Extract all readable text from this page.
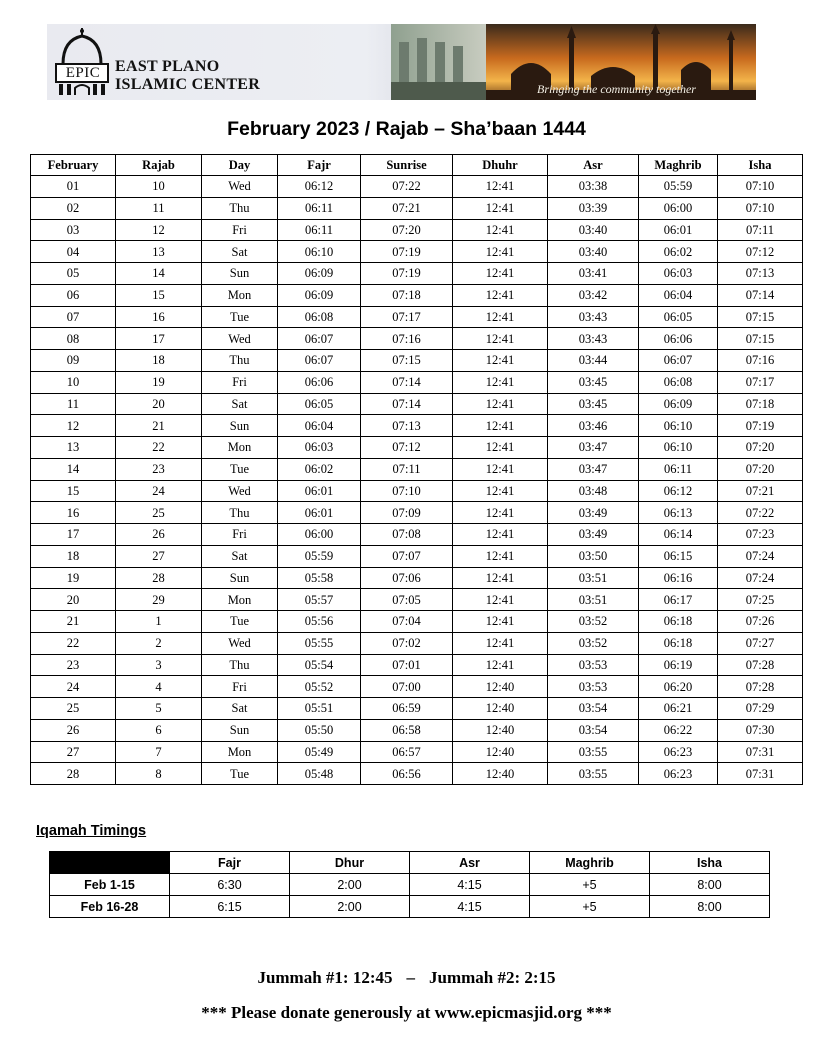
EPIC EAST PLANO
ISLAMIC CENTER	Bringing the community together
February 2023 / Rajab – Sha’baan 1444
February	Rajab	Day	Fajr	Sunrise	Dhuhr	Asr	Maghrib	Isha
01	10	Wed	06:12	07:22	12:41	03:38	05:59	07:10
02	11	Thu	06:11	07:21	12:41	03:39	06:00	07:10
03	12	Fri	06:11	07:20	12:41	03:40	06:01	07:11
04	13	Sat	06:10	07:19	12:41	03:40	06:02	07:12
05	14	Sun	06:09	07:19	12:41	03:41	06:03	07:13
06	15	Mon	06:09	07:18	12:41	03:42	06:04	07:14
07	16	Tue	06:08	07:17	12:41	03:43	06:05	07:15
08	17	Wed	06:07	07:16	12:41	03:43	06:06	07:15
09	18	Thu	06:07	07:15	12:41	03:44	06:07	07:16
10	19	Fri	06:06	07:14	12:41	03:45	06:08	07:17
11	20	Sat	06:05	07:14	12:41	03:45	06:09	07:18
12	21	Sun	06:04	07:13	12:41	03:46	06:10	07:19
13	22	Mon	06:03	07:12	12:41	03:47	06:10	07:20
14	23	Tue	06:02	07:11	12:41	03:47	06:11	07:20
15	24	Wed	06:01	07:10	12:41	03:48	06:12	07:21
16	25	Thu	06:01	07:09	12:41	03:49	06:13	07:22
17	26	Fri	06:00	07:08	12:41	03:49	06:14	07:23
18	27	Sat	05:59	07:07	12:41	03:50	06:15	07:24
19	28	Sun	05:58	07:06	12:41	03:51	06:16	07:24
20	29	Mon	05:57	07:05	12:41	03:51	06:17	07:25
21	1	Tue	05:56	07:04	12:41	03:52	06:18	07:26
22	2	Wed	05:55	07:02	12:41	03:52	06:18	07:27
23	3	Thu	05:54	07:01	12:41	03:53	06:19	07:28
24	4	Fri	05:52	07:00	12:40	03:53	06:20	07:28
25	5	Sat	05:51	06:59	12:40	03:54	06:21	07:29
26	6	Sun	05:50	06:58	12:40	03:54	06:22	07:30
27	7	Mon	05:49	06:57	12:40	03:55	06:23	07:31
28	8	Tue	05:48	06:56	12:40	03:55	06:23	07:31
Iqamah Timings
	Fajr	Dhur	Asr	Maghrib	Isha
Feb 1-15	6:30	2:00	4:15	+5	8:00
Feb 16-28	6:15	2:00	4:15	+5	8:00
Jummah #1: 12:45 – Jummah #2: 2:15
*** Please donate generously at www.epicmasjid.org ***
